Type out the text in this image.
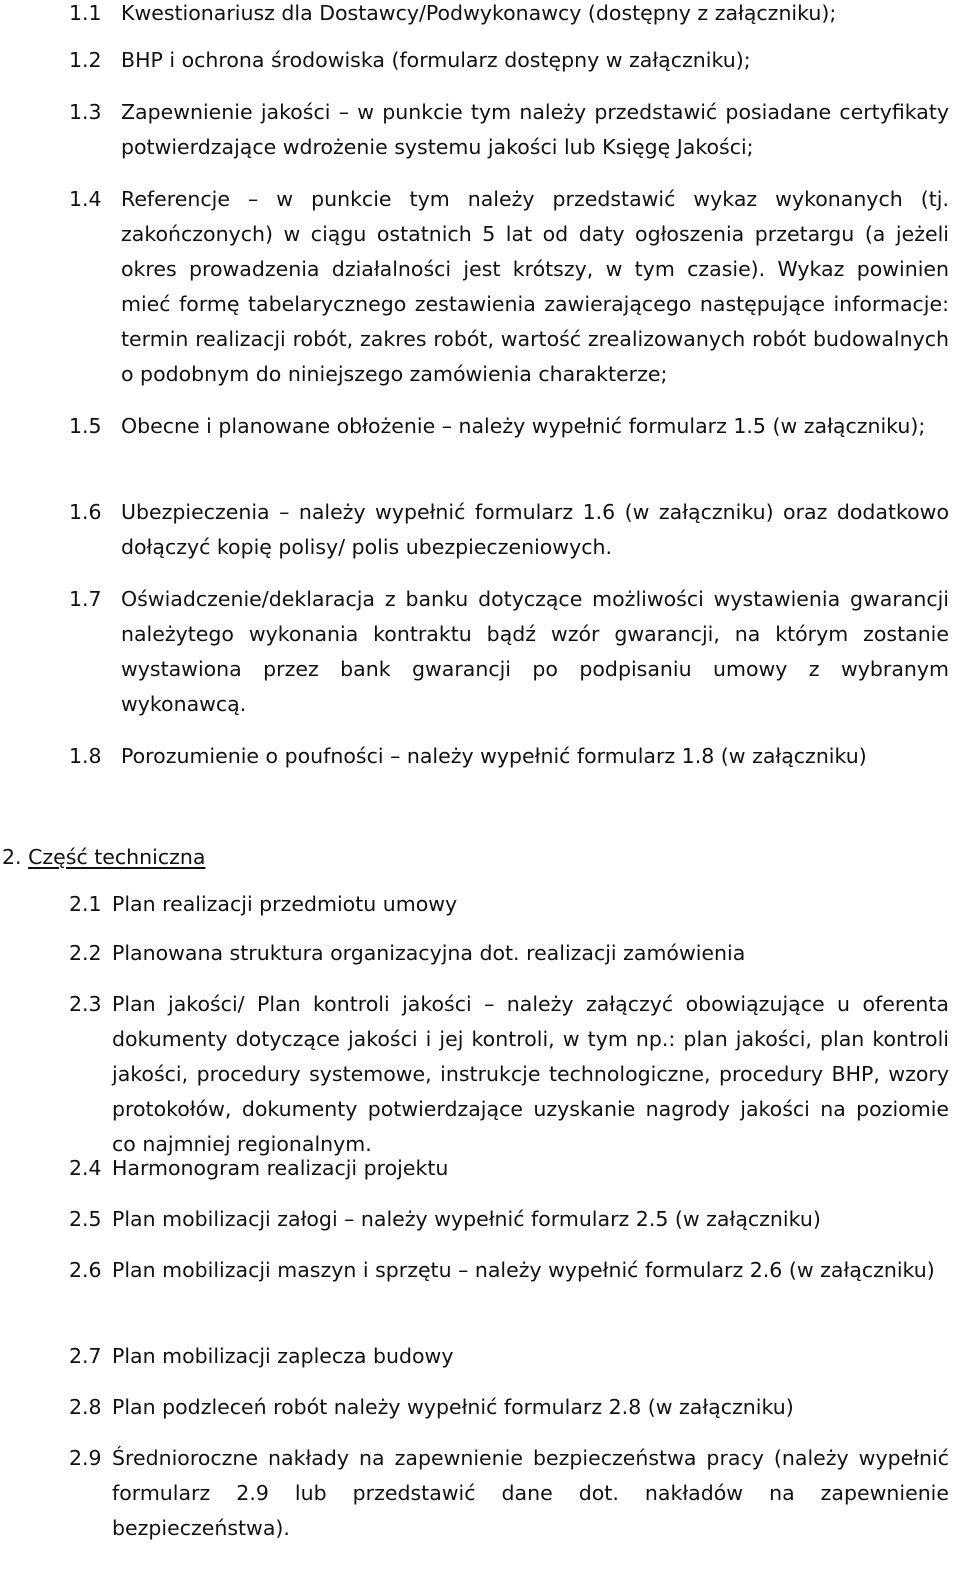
1.1 Kwestionariusz dla Dostawcy/Podwykonawcy (dostępny z załączniku);
1.2 BHP i ochrona środowiska (formularz dostępny w załączniku);
1.3 Zapewnienie jakości – w punkcie tym należy przedstawić posiadane certyfikaty potwierdzające wdrożenie systemu jakości lub Księgę Jakości;
1.4 Referencje – w punkcie tym należy przedstawić wykaz wykonanych (tj. zakończonych) w ciągu ostatnich 5 lat od daty ogłoszenia przetargu (a jeżeli okres prowadzenia działalności jest krótszy, w tym czasie). Wykaz powinien mieć formę tabelarycznego zestawienia zawierającego następujące informacje: termin realizacji robót, zakres robót, wartość zrealizowanych robót budowalnych o podobnym do niniejszego zamówienia charakterze;
1.5 Obecne i planowane obłożenie – należy wypełnić formularz 1.5 (w załączniku);
1.6 Ubezpieczenia – należy wypełnić formularz 1.6 (w załączniku) oraz dodatkowo dołączyć kopię polisy/ polis ubezpieczeniowych.
1.7 Oświadczenie/deklaracja z banku dotyczące możliwości wystawienia gwarancji należytego wykonania kontraktu bądź wzór gwarancji, na którym zostanie wystawiona przez bank gwarancji po podpisaniu umowy z wybranym wykonawcą.
1.8 Porozumienie o poufności – należy wypełnić formularz 1.8 (w załączniku)
2. Część techniczna
2.1 Plan realizacji przedmiotu umowy
2.2 Planowana struktura organizacyjna dot. realizacji zamówienia
2.3 Plan jakości/ Plan kontroli jakości – należy załączyć obowiązujące u oferenta dokumenty dotyczące jakości i jej kontroli, w tym np.: plan jakości, plan kontroli jakości, procedury systemowe, instrukcje technologiczne, procedury BHP, wzory protokołów, dokumenty potwierdzające uzyskanie nagrody jakości na poziomie co najmniej regionalnym.
2.4 Harmonogram realizacji projektu
2.5 Plan mobilizacji załogi – należy wypełnić formularz 2.5 (w załączniku)
2.6 Plan mobilizacji maszyn i sprzętu – należy wypełnić formularz 2.6 (w załączniku)
2.7 Plan mobilizacji zaplecza budowy
2.8 Plan podzleceń robót należy wypełnić formularz 2.8 (w załączniku)
2.9 Średnioroczne nakłady na zapewnienie bezpieczeństwa pracy (należy wypełnić formularz 2.9 lub przedstawić dane dot. nakładów na zapewnienie bezpieczeństwa).
